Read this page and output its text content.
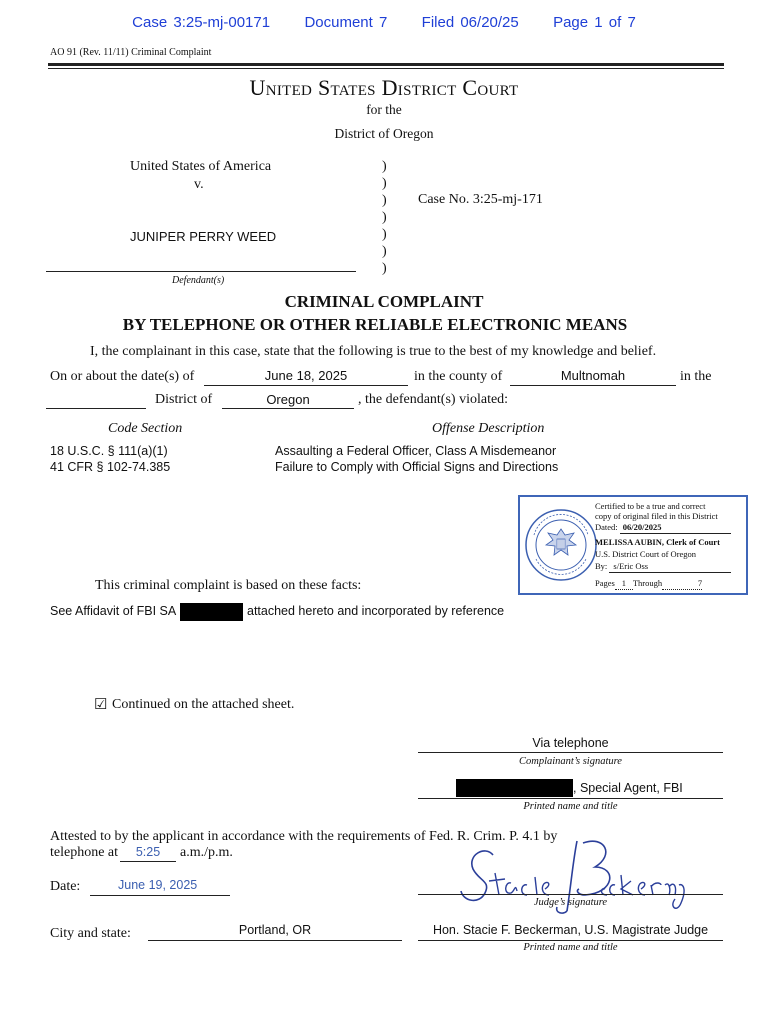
Case 3:25-mj-00171 Document 7 Filed 06/20/25 Page 1 of 7
AO 91 (Rev. 11/11) Criminal Complaint
United States District Court
for the
District of Oregon
United States of America
v.
JUNIPER PERRY WEED
Defendant(s)
)
)
)
)
)
)
)
Case No. 3:25-mj-171
CRIMINAL COMPLAINT
BY TELEPHONE OR OTHER RELIABLE ELECTRONIC MEANS
I, the complainant in this case, state that the following is true to the best of my knowledge and belief.
On or about the date(s) of	June 18, 2025	in the county of	Multnomah	in the
District of	Oregon	, the defendant(s) violated:
Code Section	Offense Description
18 U.S.C. § 111(a)(1)	Assaulting a Federal Officer, Class A Misdemeanor
41 CFR § 102-74.385	Failure to Comply with Official Signs and Directions
Certified to be a true and correct
copy of original filed in this District
Dated: 06/20/2025
MELISSA AUBIN, Clerk of Court
U.S. District Court of Oregon
By: s/Eric Oss
Pages 1 Through	7
This criminal complaint is based on these facts:
See Affidavit of FBI SA	attached hereto and incorporated by reference
☑ Continued on the attached sheet.
Via telephone
Complainant’s signature
, Special Agent, FBI
Printed name and title
Attested to by the applicant in accordance with the requirements of Fed. R. Crim. P. 4.1 by
telephone at	5:25	a.m./p.m.
Date:	June 19, 2025
Judge’s signature
City and state:	Portland, OR	Hon. Stacie F. Beckerman, U.S. Magistrate Judge
Printed name and title
